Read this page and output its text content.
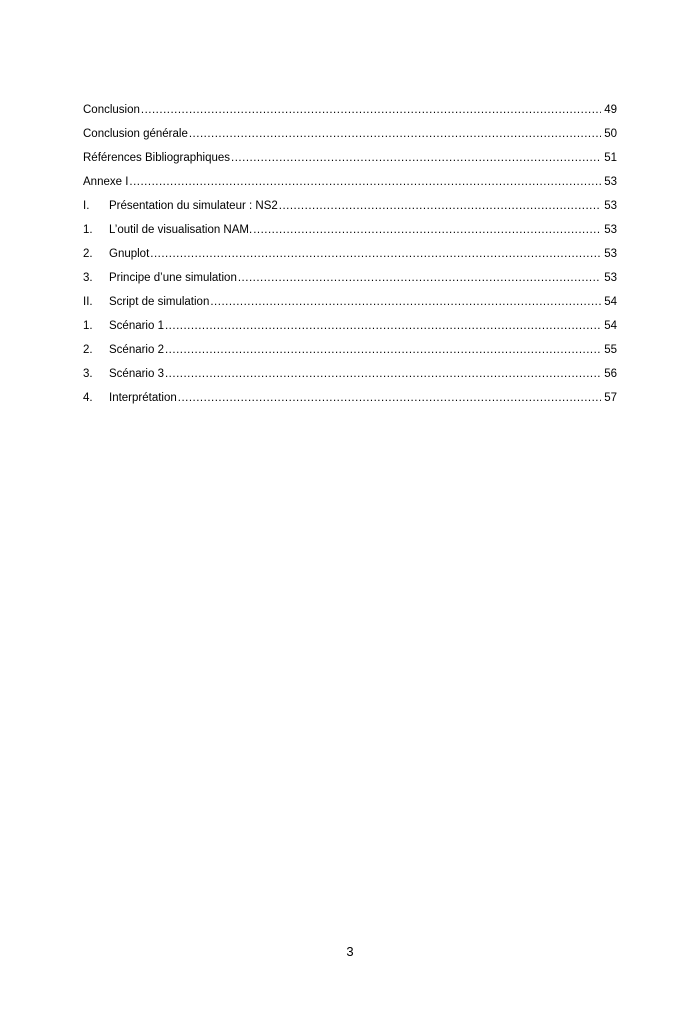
Conclusion .....	49
Conclusion générale .....	50
Références Bibliographiques .....	51
Annexe I .....	53
I.	Présentation du simulateur : NS2 .....	53
1.	L’outil de visualisation NAM. .....	53
2.	Gnuplot .....	53
3.	Principe d’une simulation .....	53
II.	Script de simulation .....	54
1.	Scénario 1 .....	54
2.	Scénario 2 .....	55
3.	Scénario 3 .....	56
4.	Interprétation .....	57
3
